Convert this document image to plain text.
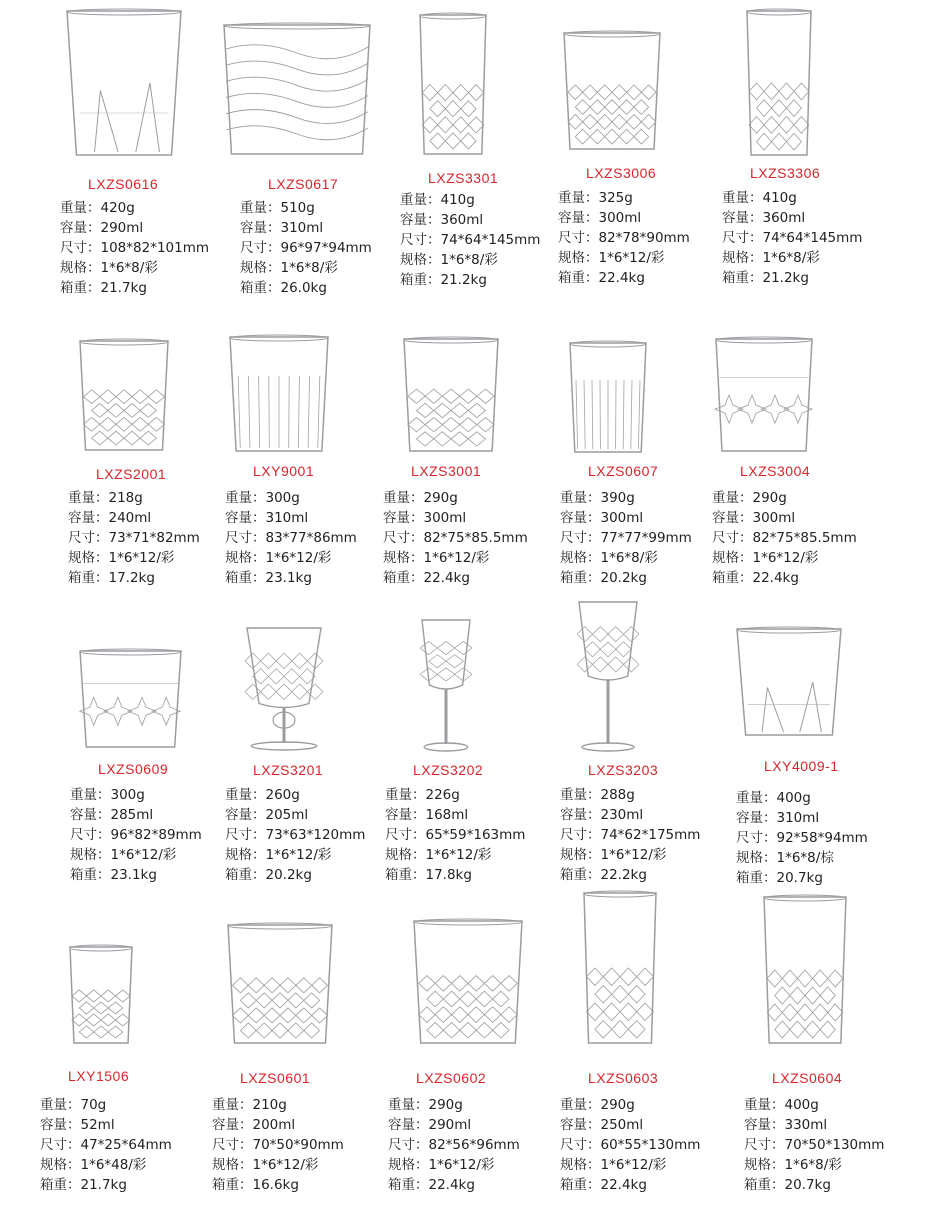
LXZS0616
重量：420g
容量：290ml
尺寸：108*82*101mm
规格：1*6*8/彩
箱重：21.7kg
LXZS0617
重量：510g
容量：310ml
尺寸：96*97*94mm
规格：1*6*8/彩
箱重：26.0kg
LXZS3301
重量：410g
容量：360ml
尺寸：74*64*145mm
规格：1*6*8/彩
箱重：21.2kg
LXZS3006
重量：325g
容量：300ml
尺寸：82*78*90mm
规格：1*6*12/彩
箱重：22.4kg
LXZS3306
重量：410g
容量：360ml
尺寸：74*64*145mm
规格：1*6*8/彩
箱重：21.2kg
LXZS2001
重量：218g
容量：240ml
尺寸：73*71*82mm
规格：1*6*12/彩
箱重：17.2kg
LXY9001
重量：300g
容量：310ml
尺寸：83*77*86mm
规格：1*6*12/彩
箱重：23.1kg
LXZS3001
重量：290g
容量：300ml
尺寸：82*75*85.5mm
规格：1*6*12/彩
箱重：22.4kg
LXZS0607
重量：390g
容量：300ml
尺寸：77*77*99mm
规格：1*6*8/彩
箱重：20.2kg
LXZS3004
重量：290g
容量：300ml
尺寸：82*75*85.5mm
规格：1*6*12/彩
箱重：22.4kg
LXZS0609
重量：300g
容量：285ml
尺寸：96*82*89mm
规格：1*6*12/彩
箱重：23.1kg
LXZS3201
重量：260g
容量：205ml
尺寸：73*63*120mm
规格：1*6*12/彩
箱重：20.2kg
LXZS3202
重量：226g
容量：168ml
尺寸：65*59*163mm
规格：1*6*12/彩
箱重：17.8kg
LXZS3203
重量：288g
容量：230ml
尺寸：74*62*175mm
规格：1*6*12/彩
箱重：22.2kg
LXY4009-1
重量：400g
容量：310ml
尺寸：92*58*94mm
规格：1*6*8/棕
箱重：20.7kg
LXY1506
重量：70g
容量：52ml
尺寸：47*25*64mm
规格：1*6*48/彩
箱重：21.7kg
LXZS0601
重量：210g
容量：200ml
尺寸：70*50*90mm
规格：1*6*12/彩
箱重：16.6kg
LXZS0602
重量：290g
容量：290ml
尺寸：82*56*96mm
规格：1*6*12/彩
箱重：22.4kg
LXZS0603
重量：290g
容量：250ml
尺寸：60*55*130mm
规格：1*6*12/彩
箱重：22.4kg
LXZS0604
重量：400g
容量：330ml
尺寸：70*50*130mm
规格：1*6*8/彩
箱重：20.7kg
